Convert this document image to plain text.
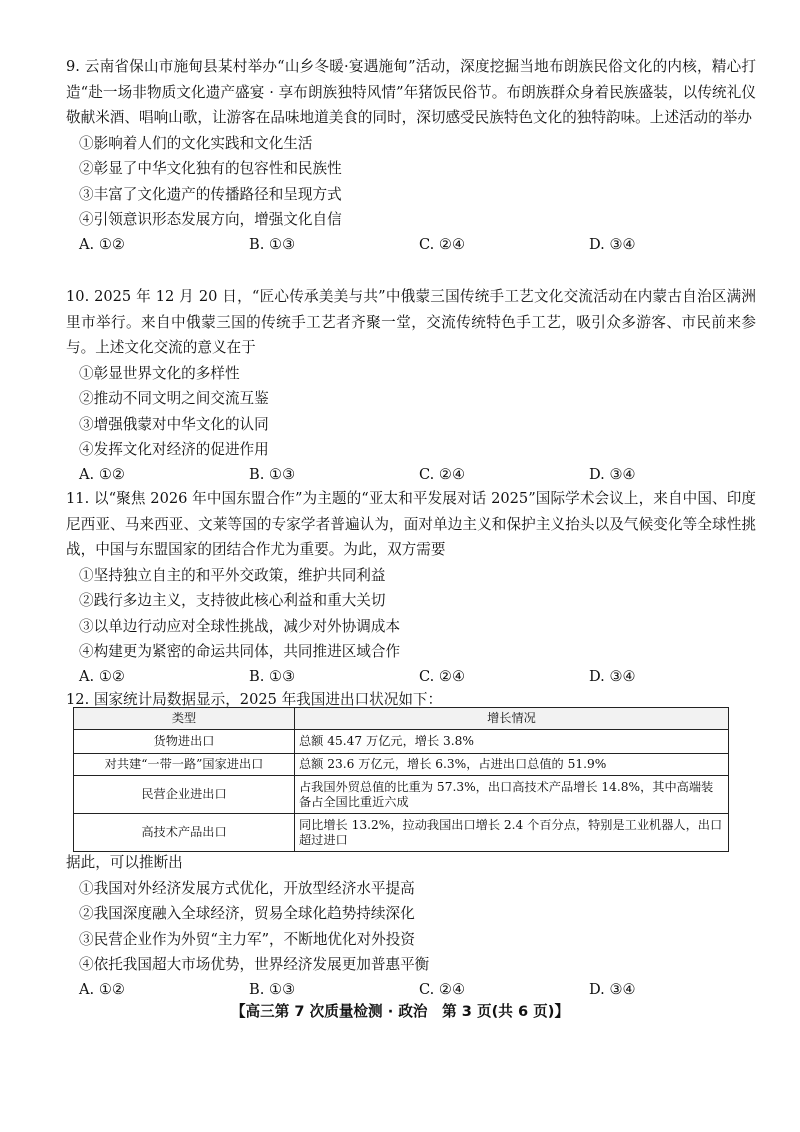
9. 云南省保山市施甸县某村举办“山乡冬暖·宴遇施甸”活动，深度挖掘当地布朗族民俗文化的内核，精心打造“赴一场非物质文化遗产盛宴 · 享布朗族独特风情”年猪饭民俗节。布朗族群众身着民族盛装，以传统礼仪敬献米酒、唱响山歌，让游客在品味地道美食的同时，深切感受民族特色文化的独特韵味。上述活动的举办
①影响着人们的文化实践和文化生活
②彰显了中华文化独有的包容性和民族性
③丰富了文化遗产的传播路径和呈现方式
④引领意识形态发展方向，增强文化自信
A. ①②	B. ①③	C. ②④	D. ③④
10. 2025 年 12 月 20 日，“匠心传承美美与共”中俄蒙三国传统手工艺文化交流活动在内蒙古自治区满洲里市举行。来自中俄蒙三国的传统手工艺者齐聚一堂，交流传统特色手工艺，吸引众多游客、市民前来参与。上述文化交流的意义在于
①彰显世界文化的多样性
②推动不同文明之间交流互鉴
③增强俄蒙对中华文化的认同
④发挥文化对经济的促进作用
A. ①②	B. ①③	C. ②④	D. ③④
11. 以“聚焦 2026 年中国东盟合作”为主题的“亚太和平发展对话 2025”国际学术会议上，来自中国、印度尼西亚、马来西亚、文莱等国的专家学者普遍认为，面对单边主义和保护主义抬头以及气候变化等全球性挑战，中国与东盟国家的团结合作尤为重要。为此，双方需要
①坚持独立自主的和平外交政策，维护共同利益
②践行多边主义，支持彼此核心利益和重大关切
③以单边行动应对全球性挑战，减少对外协调成本
④构建更为紧密的命运共同体，共同推进区域合作
A. ①②	B. ①③	C. ②④	D. ③④
12. 国家统计局数据显示，2025 年我国进出口状况如下：
类型	增长情况
货物进出口	总额 45.47 万亿元，增长 3.8%
对共建“一带一路”国家进出口	总额 23.6 万亿元，增长 6.3%，占进出口总值的 51.9%
民营企业进出口	占我国外贸总值的比重为 57.3%，出口高技术产品增长 14.8%，其中高端装备占全国比重近六成
高技术产品出口	同比增长 13.2%，拉动我国出口增长 2.4 个百分点，特别是工业机器人，出口超过进口
据此，可以推断出
①我国对外经济发展方式优化，开放型经济水平提高
②我国深度融入全球经济，贸易全球化趋势持续深化
③民营企业作为外贸“主力军”，不断地优化对外投资
④依托我国超大市场优势，世界经济发展更加普惠平衡
A. ①②	B. ①③	C. ②④	D. ③④
【高三第 7 次质量检测 · 政治　第 3 页(共 6 页)】
